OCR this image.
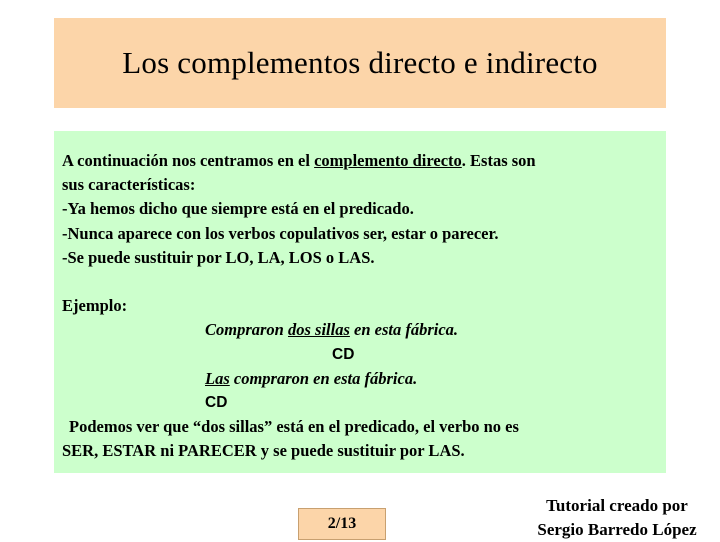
Los complementos directo e indirecto
A continuación nos centramos en el complemento directo. Estas son
sus características:
-Ya hemos dicho que siempre está en el predicado.
-Nunca aparece con los verbos copulativos ser, estar o parecer.
-Se puede sustituir por LO, LA, LOS o LAS.
Ejemplo:
Compraron dos sillas en esta fábrica.
CD
Las compraron en esta fábrica.
CD
Podemos ver que “dos sillas” está en el predicado, el verbo no es
SER, ESTAR ni PARECER y se puede sustituir por LAS.
2/13
Tutorial creado por
Sergio Barredo López
